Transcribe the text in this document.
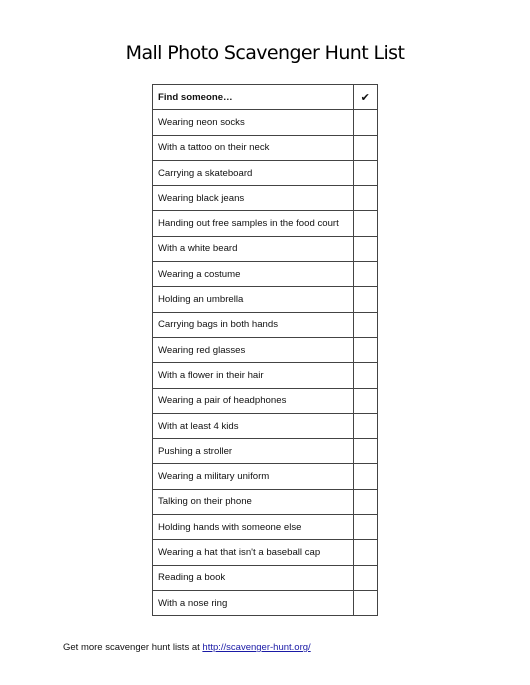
Mall Photo Scavenger Hunt List
Find someone…	✔
Wearing neon socks	
With a tattoo on their neck	
Carrying a skateboard	
Wearing black jeans	
Handing out free samples in the food court	
With a white beard	
Wearing a costume	
Holding an umbrella	
Carrying bags in both hands	
Wearing red glasses	
With a flower in their hair	
Wearing a pair of headphones	
With at least 4 kids	
Pushing a stroller	
Wearing a military uniform	
Talking on their phone	
Holding hands with someone else	
Wearing a hat that isn't a baseball cap	
Reading a book	
With a nose ring	
Get more scavenger hunt lists at http://scavenger-hunt.org/
